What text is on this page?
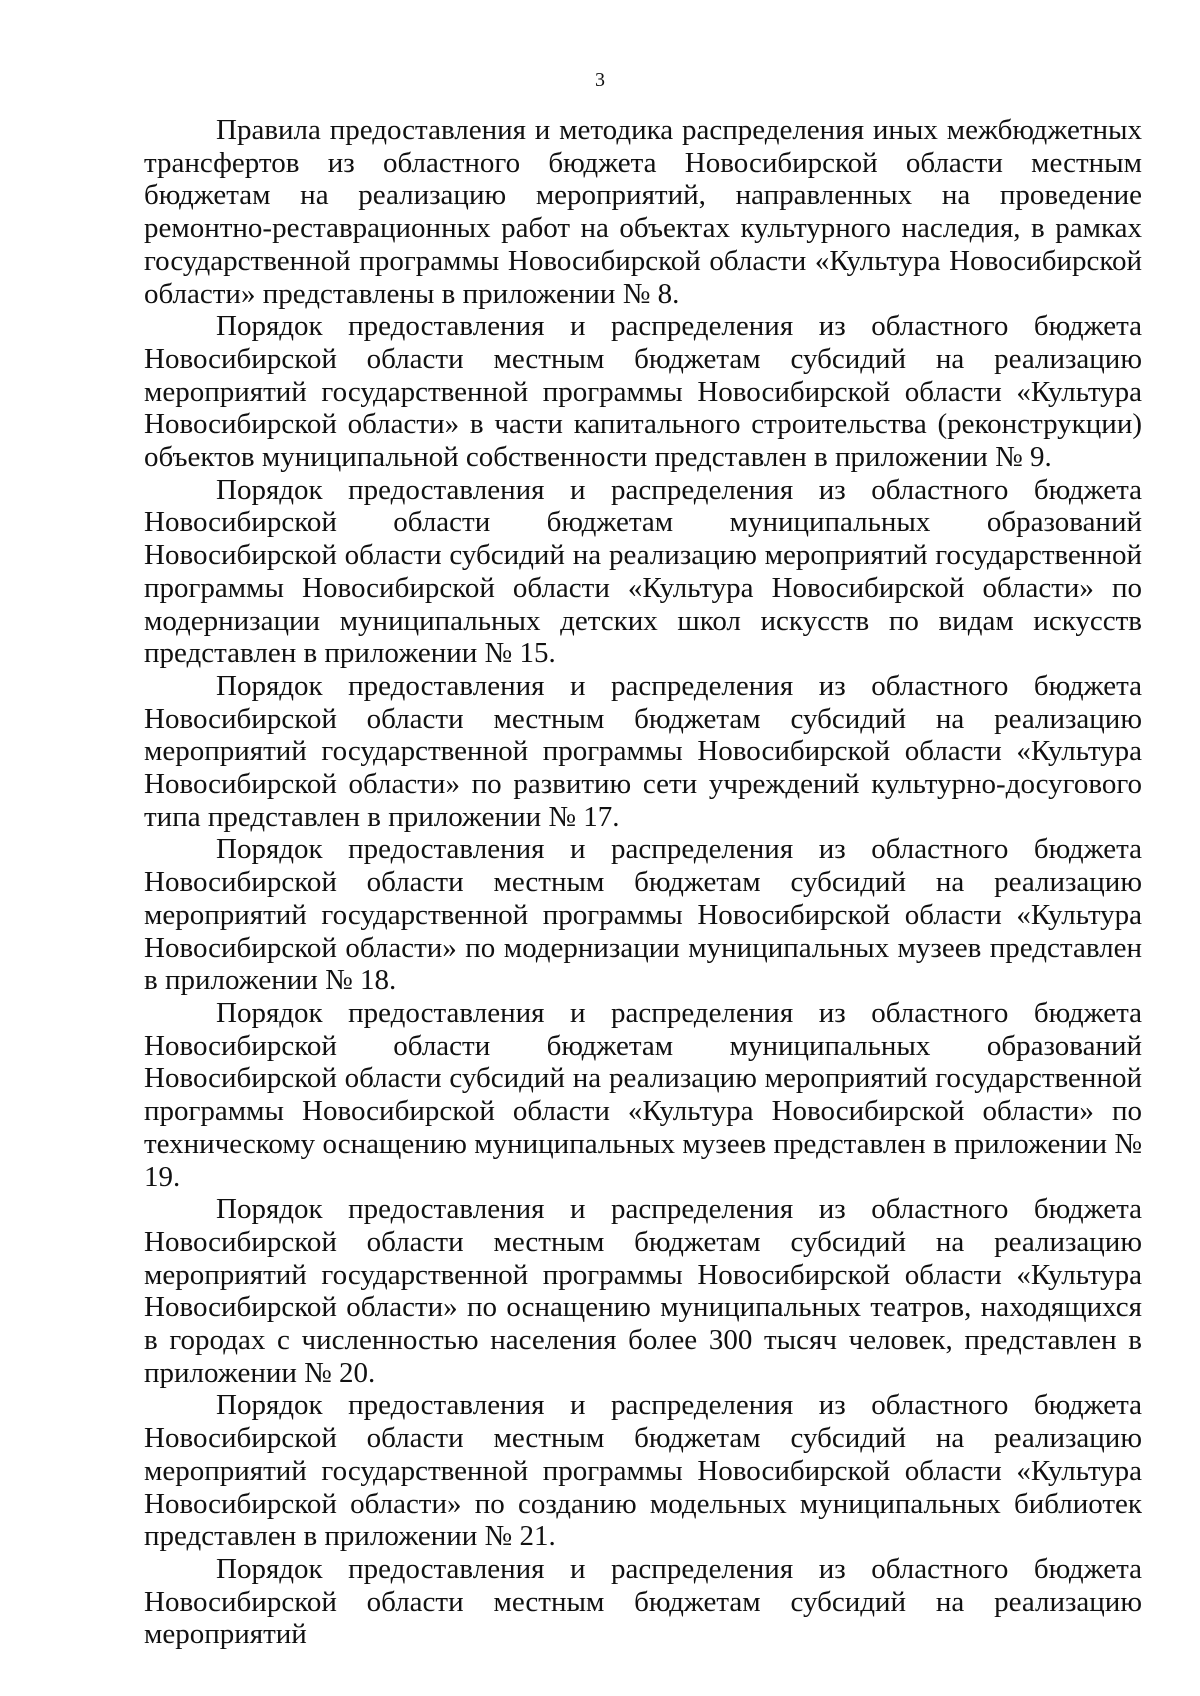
3

Правила предоставления и методика распределения иных межбюджетных трансфертов из областного бюджета Новосибирской области местным бюджетам на реализацию мероприятий, направленных на проведение ремонтно-реставрационных работ на объектах культурного наследия, в рамках государственной программы Новосибирской области «Культура Новосибирской области» представлены в приложении № 8.

Порядок предоставления и распределения из областного бюджета Новосибирской области местным бюджетам субсидий на реализацию мероприятий государственной программы Новосибирской области «Культура Новосибирской области» в части капитального строительства (реконструкции) объектов муниципальной собственности представлен в приложении № 9.

Порядок предоставления и распределения из областного бюджета Новосибирской области бюджетам муниципальных образований Новосибирской области субсидий на реализацию мероприятий государственной программы Новосибирской области «Культура Новосибирской области» по модернизации муниципальных детских школ искусств по видам искусств представлен в приложении № 15.

Порядок предоставления и распределения из областного бюджета Новосибирской области местным бюджетам субсидий на реализацию мероприятий государственной программы Новосибирской области «Культура Новосибирской области» по развитию сети учреждений культурно-досугового типа представлен в приложении № 17.

Порядок предоставления и распределения из областного бюджета Новосибирской области местным бюджетам субсидий на реализацию мероприятий государственной программы Новосибирской области «Культура Новосибирской области» по модернизации муниципальных музеев представлен в приложении № 18.

Порядок предоставления и распределения из областного бюджета Новосибирской области бюджетам муниципальных образований Новосибирской области субсидий на реализацию мероприятий государственной программы Новосибирской области «Культура Новосибирской области» по техническому оснащению муниципальных музеев представлен в приложении № 19.

Порядок предоставления и распределения из областного бюджета Новосибирской области местным бюджетам субсидий на реализацию мероприятий государственной программы Новосибирской области «Культура Новосибирской области» по оснащению муниципальных театров, находящихся в городах с численностью населения более 300 тысяч человек, представлен в приложении № 20.

Порядок предоставления и распределения из областного бюджета Новосибирской области местным бюджетам субсидий на реализацию мероприятий государственной программы Новосибирской области «Культура Новосибирской области» по созданию модельных муниципальных библиотек представлен в приложении № 21.

Порядок предоставления и распределения из областного бюджета Новосибирской области местным бюджетам субсидий на реализацию мероприятий
